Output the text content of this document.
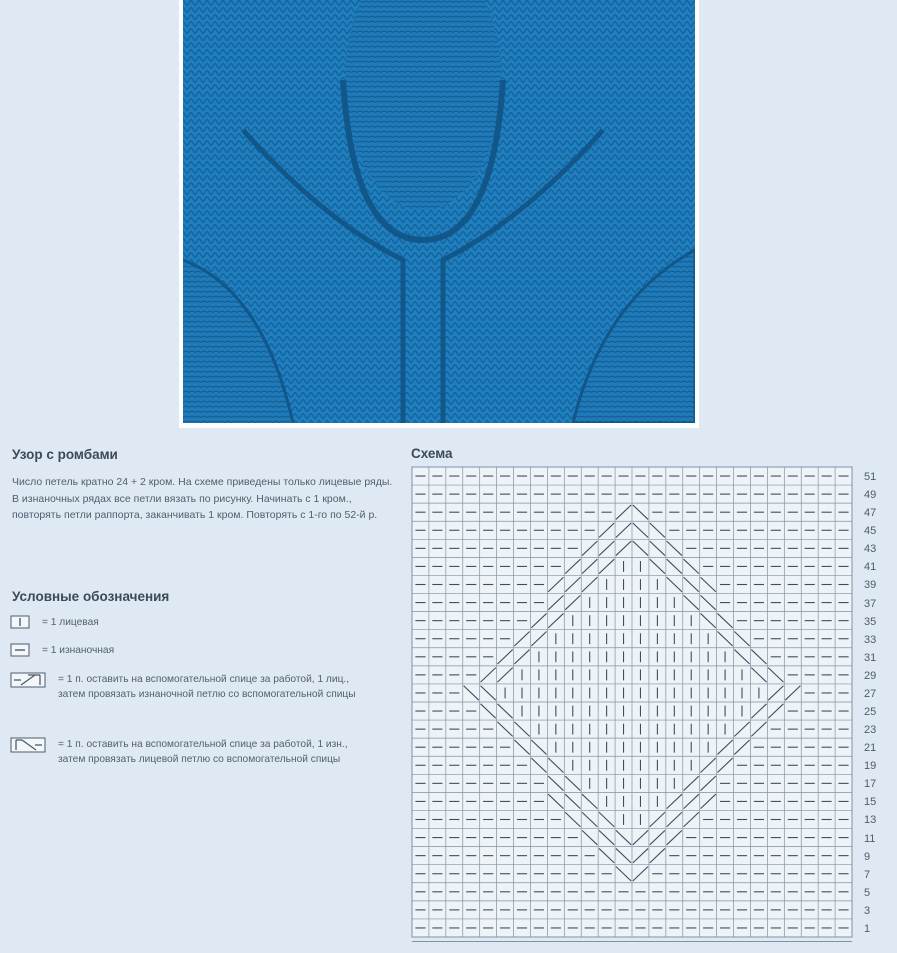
Узор с ромбами
Число петель кратно 24 + 2 кром. На схеме приведены только лицевые ряды. В изнаночных рядах все петли вязать по рисунку. Начинать с 1 кром., повторять петли раппорта, заканчивать 1 кром. Повторять с 1-го по 52-й р.
Условные обозначения
= 1 лицевая
= 1 изнаночная
= 1 п. оставить на вспомогательной спице за работой, 1 лиц., затем провязать изнаночной петлю со вспомогательной спицы
= 1 п. оставить на вспомогательной спице за работой, 1 изн., затем провязать лицевой петлю со вспомогательной спицы
Схема
51
49
47
45
43
41
39
37
35
33
31
29
27
25
23
21
19
17
15
13
11
9
7
5
3
1
